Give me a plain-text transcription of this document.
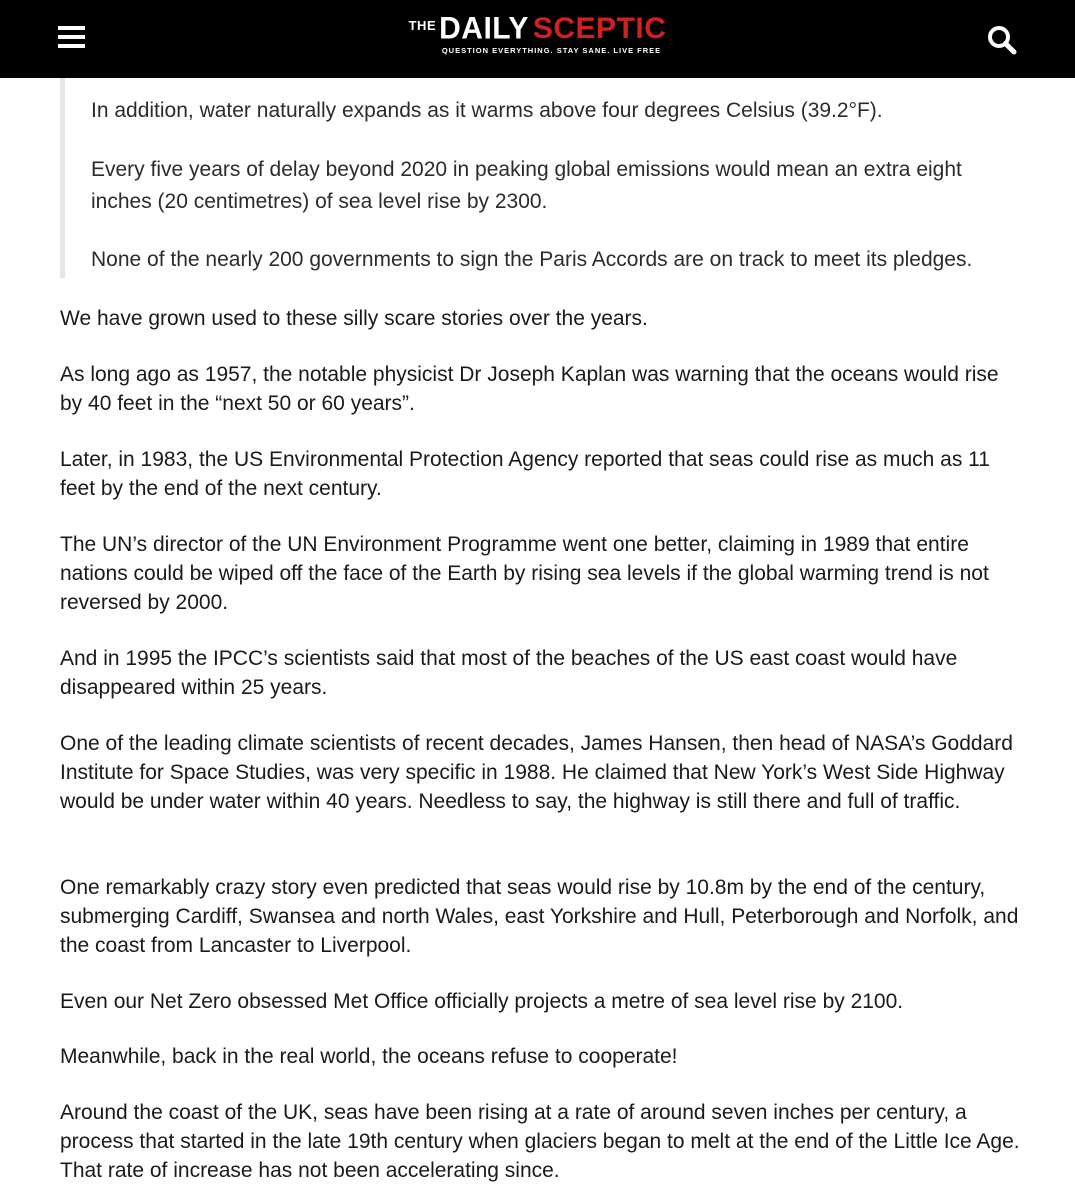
$^{THE}$ DAILY SCEPTIC
QUESTION EVERYTHING. STAY SANE. LIVE FREE

In addition, water naturally expands as it warms above four degrees Celsius (39.2°F).

Every five years of delay beyond 2020 in peaking global emissions would mean an extra eight inches (20 centimetres) of sea level rise by 2300.

None of the nearly 200 governments to sign the Paris Accords are on track to meet its pledges.

We have grown used to these silly scare stories over the years.

As long ago as 1957, the notable physicist Dr Joseph Kaplan was warning that the oceans would rise by 40 feet in the “next 50 or 60 years”.

Later, in 1983, the US Environmental Protection Agency reported that seas could rise as much as 11 feet by the end of the next century.

The UN’s director of the UN Environment Programme went one better, claiming in 1989 that entire nations could be wiped off the face of the Earth by rising sea levels if the global warming trend is not reversed by 2000.

And in 1995 the IPCC’s scientists said that most of the beaches of the US east coast would have disappeared within 25 years.

One of the leading climate scientists of recent decades, James Hansen, then head of NASA’s Goddard Institute for Space Studies, was very specific in 1988. He claimed that New York’s West Side Highway would be under water within 40 years. Needless to say, the highway is still there and full of traffic.

One remarkably crazy story even predicted that seas would rise by 10.8m by the end of the century, submerging Cardiff, Swansea and north Wales, east Yorkshire and Hull, Peterborough and Norfolk, and the coast from Lancaster to Liverpool.

Even our Net Zero obsessed Met Office officially projects a metre of sea level rise by 2100.

Meanwhile, back in the real world, the oceans refuse to cooperate!

Around the coast of the UK, seas have been rising at a rate of around seven inches per century, a process that started in the late 19th century when glaciers began to melt at the end of the Little Ice Age. That rate of increase has not been accelerating since.
